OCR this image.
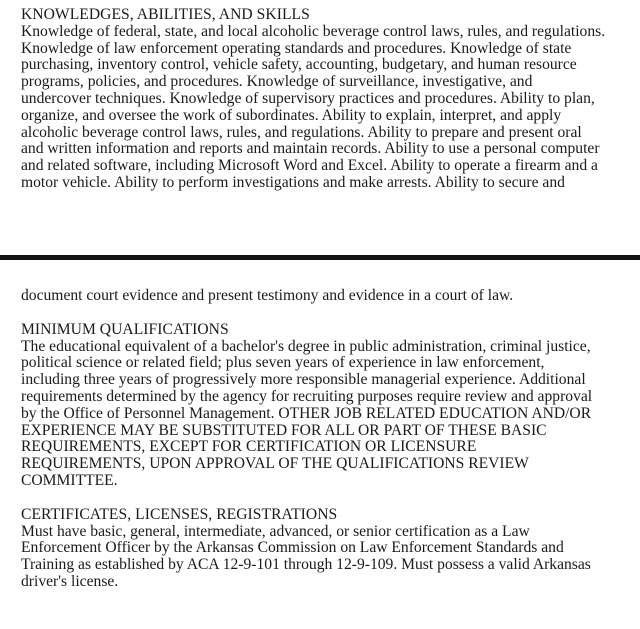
KNOWLEDGES, ABILITIES, AND SKILLS
Knowledge of federal, state, and local alcoholic beverage control laws, rules, and regulations.
Knowledge of law enforcement operating standards and procedures. Knowledge of state
purchasing, inventory control, vehicle safety, accounting, budgetary, and human resource
programs, policies, and procedures. Knowledge of surveillance, investigative, and
undercover techniques. Knowledge of supervisory practices and procedures. Ability to plan,
organize, and oversee the work of subordinates. Ability to explain, interpret, and apply
alcoholic beverage control laws, rules, and regulations. Ability to prepare and present oral
and written information and reports and maintain records. Ability to use a personal computer
and related software, including Microsoft Word and Excel. Ability to operate a firearm and a
motor vehicle. Ability to perform investigations and make arrests. Ability to secure and
document court evidence and present testimony and evidence in a court of law.
MINIMUM QUALIFICATIONS
The educational equivalent of a bachelor's degree in public administration, criminal justice,
political science or related field; plus seven years of experience in law enforcement,
including three years of progressively more responsible managerial experience. Additional
requirements determined by the agency for recruiting purposes require review and approval
by the Office of Personnel Management. OTHER JOB RELATED EDUCATION AND/OR
EXPERIENCE MAY BE SUBSTITUTED FOR ALL OR PART OF THESE BASIC
REQUIREMENTS, EXCEPT FOR CERTIFICATION OR LICENSURE
REQUIREMENTS, UPON APPROVAL OF THE QUALIFICATIONS REVIEW
COMMITTEE.
CERTIFICATES, LICENSES, REGISTRATIONS
Must have basic, general, intermediate, advanced, or senior certification as a Law
Enforcement Officer by the Arkansas Commission on Law Enforcement Standards and
Training as established by ACA 12-9-101 through 12-9-109. Must possess a valid Arkansas
driver's license.
